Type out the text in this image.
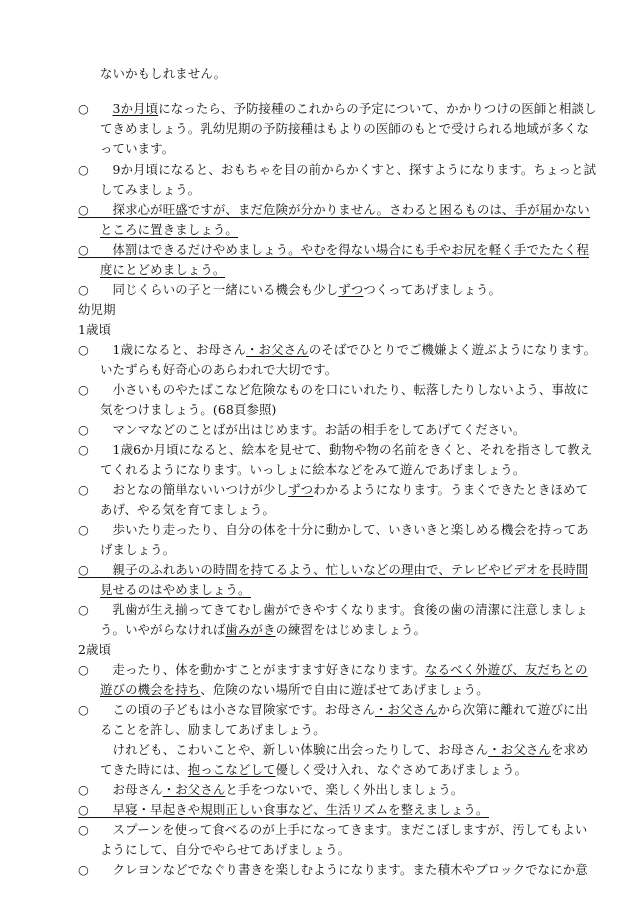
ないかもしれません。
○　 3か月頃になったら、予防接種のこれからの予定について、かかりつけの医師と相談し
てきめましょう。乳幼児期の予防接種はもよりの医師のもとで受けられる地域が多くな
っています。
○　9か月頃になると、おもちゃを目の前からかくすと、探すようになります。ちょっと試
してみましょう。
○　探求心が旺盛ですが、まだ危険が分かりません。さわると困るものは、手が届かない
ところに置きましょう。
○　体罰はできるだけやめましょう。やむを得ない場合にも手やお尻を軽く手でたたく程
度にとどめましょう。
○　同じくらいの子と一緒にいる機会も少しずつつくってあげましょう。
幼児期
1歳頃
○　1歳になると、お母さん・お父さんのそばでひとりでご機嫌よく遊ぶようになります。
いたずらも好奇心のあらわれで大切です。
○　小さいものやたばこなど危険なものを口にいれたり、転落したりしないよう、事故に
気をつけましょう。(68頁参照)
○　マンマなどのことばが出はじめます。お話の相手をしてあげてください。
○　1歳6か月頃になると、絵本を見せて、動物や物の名前をきくと、それを指さして教え
てくれるようになります。いっしょに絵本などをみて遊んであげましょう。
○　おとなの簡単ないいつけが少しずつわかるようになります。うまくできたときほめて
あげ、やる気を育てましょう。
○　歩いたり走ったり、自分の体を十分に動かして、いきいきと楽しめる機会を持ってあ
げましょう。
○　親子のふれあいの時間を持てるよう、忙しいなどの理由で、テレビやビデオを長時間
見せるのはやめましょう。
○　乳歯が生え揃ってきてむし歯ができやすくなります。食後の歯の清潔に注意しましょ
う。いやがらなければ歯みがきの練習をはじめましょう。
2歳頃
○　走ったり、体を動かすことがますます好きになります。なるべく外遊び、友だちとの
遊びの機会を持ち、危険のない場所で自由に遊ばせてあげましょう。
○　この頃の子どもは小さな冒険家です。お母さん・お父さんから次第に離れて遊びに出
ることを許し、励ましてあげましょう。
　けれども、こわいことや、新しい体験に出会ったりして、お母さん・お父さんを求め
てきた時には、抱っこなどして優しく受け入れ、なぐさめてあげましょう。
○　お母さん・お父さんと手をつないで、楽しく外出しましょう。
○　早寝・早起きや規則正しい食事など、生活リズムを整えましょう。
○　スプーンを使って食べるのが上手になってきます。まだこぼしますが、汚してもよい
ようにして、自分でやらせてあげましょう。
○　クレヨンなどでなぐり書きを楽しむようになります。また積木やブロックでなにか意
